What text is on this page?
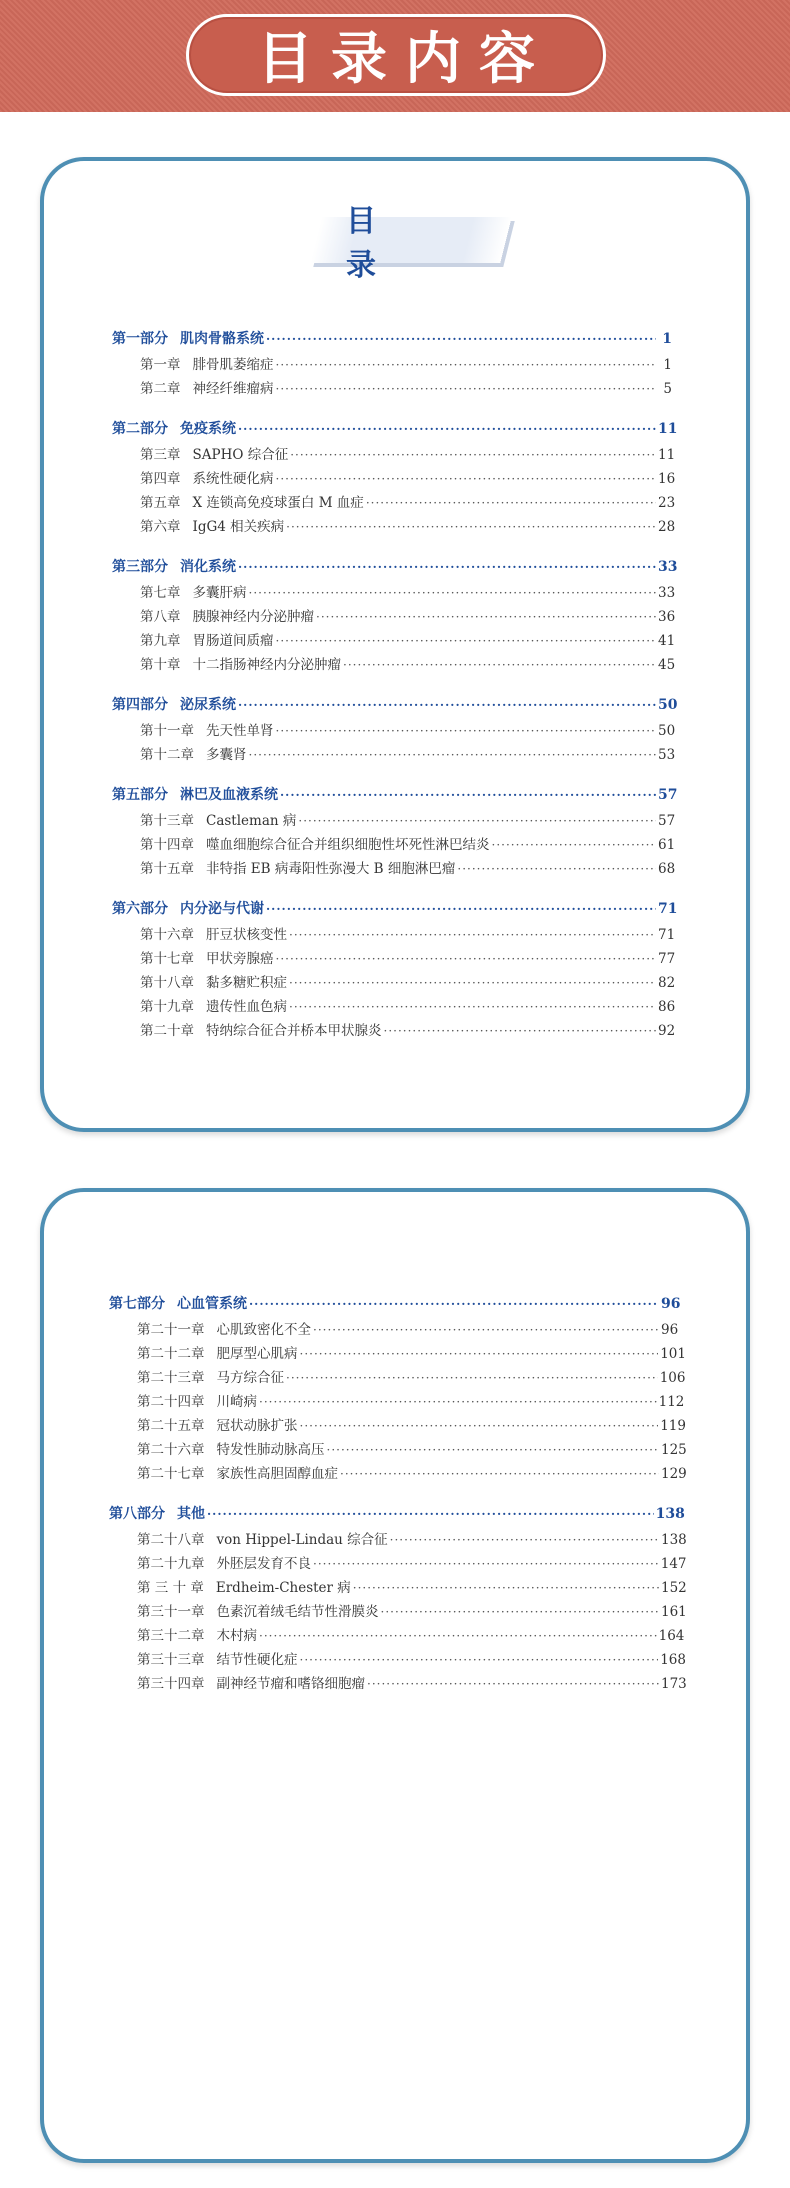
目录内容
目 录
第一部分 肌肉骨骼系统 ·····	1
第一章 腓骨肌萎缩症 ·····	1
第二章 神经纤维瘤病 ·····	5
第二部分 免疫系统 ·····	11
第三章 SAPHO 综合征 ·····	11
第四章 系统性硬化病 ·····	16
第五章 X 连锁高免疫球蛋白 M 血症 ·····	23
第六章 IgG4 相关疾病 ·····	28
第三部分 消化系统 ·····	33
第七章 多囊肝病 ·····	33
第八章 胰腺神经内分泌肿瘤 ·····	36
第九章 胃肠道间质瘤 ·····	41
第十章 十二指肠神经内分泌肿瘤 ·····	45
第四部分 泌尿系统 ·····	50
第十一章 先天性单肾 ·····	50
第十二章 多囊肾 ·····	53
第五部分 淋巴及血液系统 ·····	57
第十三章 Castleman 病 ·····	57
第十四章 噬血细胞综合征合并组织细胞性坏死性淋巴结炎 ·····	61
第十五章 非特指 EB 病毒阳性弥漫大 B 细胞淋巴瘤 ·····	68
第六部分 内分泌与代谢 ·····	71
第十六章 肝豆状核变性 ·····	71
第十七章 甲状旁腺癌 ·····	77
第十八章 黏多糖贮积症 ·····	82
第十九章 遗传性血色病 ·····	86
第二十章 特纳综合征合并桥本甲状腺炎 ·····	92
第七部分 心血管系统 ·····	96
第二十一章 心肌致密化不全 ·····	96
第二十二章 肥厚型心肌病 ·····	101
第二十三章 马方综合征 ·····	106
第二十四章 川崎病 ·····	112
第二十五章 冠状动脉扩张 ·····	119
第二十六章 特发性肺动脉高压 ·····	125
第二十七章 家族性高胆固醇血症 ·····	129
第八部分 其他 ·····	138
第二十八章 von Hippel-Lindau 综合征 ·····	138
第二十九章 外胚层发育不良 ·····	147
第 三 十 章 Erdheim-Chester 病 ·····	152
第三十一章 色素沉着绒毛结节性滑膜炎 ·····	161
第三十二章 木村病 ·····	164
第三十三章 结节性硬化症 ·····	168
第三十四章 副神经节瘤和嗜铬细胞瘤 ·····	173
